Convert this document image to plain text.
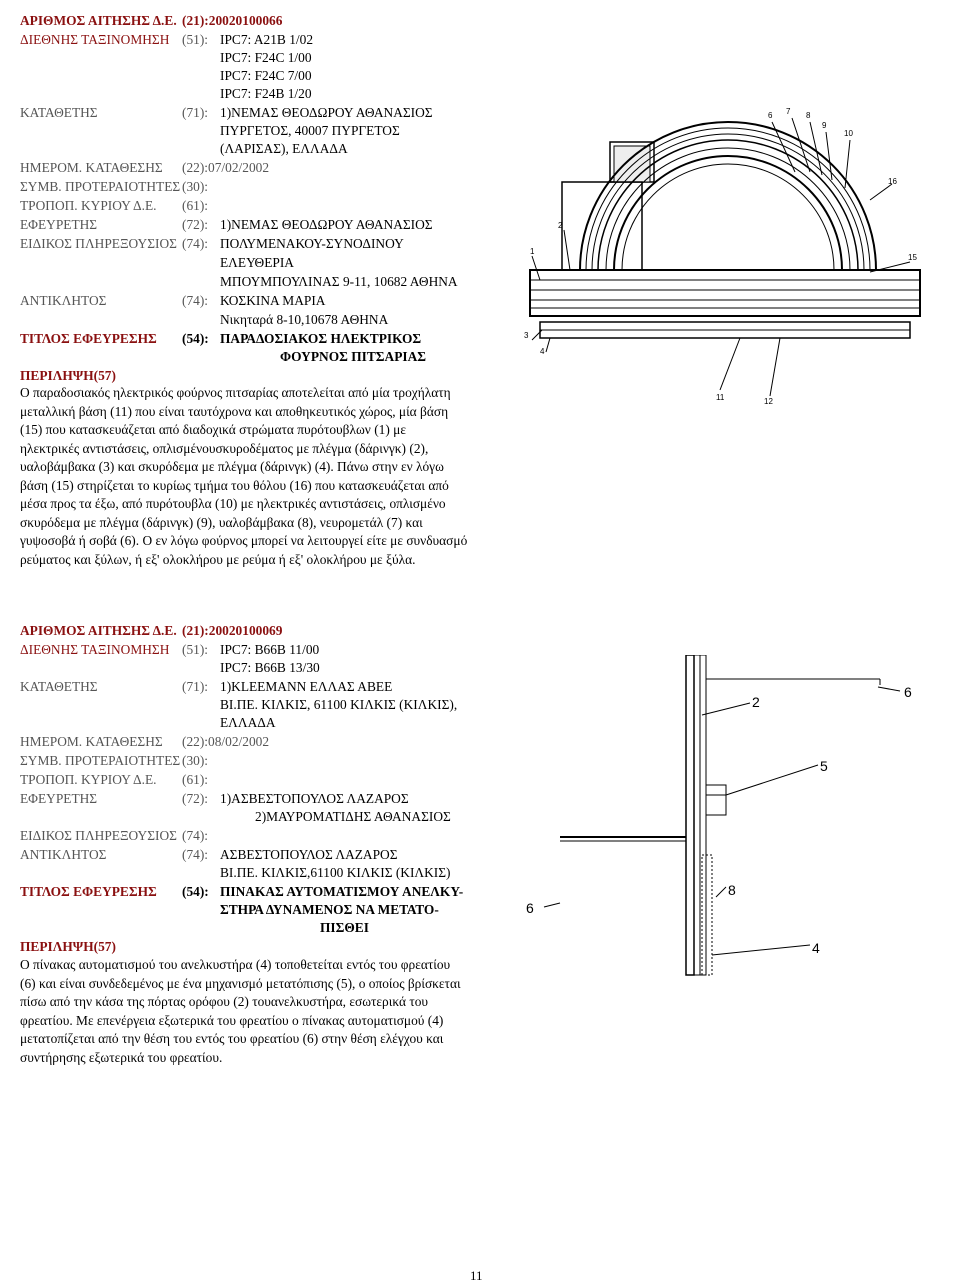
ΑΡΙΘΜΟΣ ΑΙΤΗΣΗΣ Δ.Ε. (21):20020100066
ΔΙΕΘΝΗΣ ΤΑΞΙΝΟΜΗΣΗ (51): IPC7: A21B 1/02
IPC7: F24C 1/00
IPC7: F24C 7/00
IPC7: F24B 1/20
ΚΑΤΑΘΕΤΗΣ	(71): 1)ΝΕΜΑΣ ΘΕΟΔΩΡΟΥ ΑΘΑΝΑΣΙΟΣ
ΠΥΡΓΕΤΟΣ, 40007 ΠΥΡΓΕΤΟΣ
(ΛΑΡΙΣΑΣ), ΕΛΛΑΔΑ
ΗΜΕΡΟΜ. ΚΑΤΑΘΕΣΗΣ (22):07/02/2002
ΣΥΜΒ. ΠΡΟΤΕΡΑΙΟΤΗΤΕΣ (30):
ΤΡΟΠΟΠ. ΚΥΡΙΟΥ Δ.Ε. (61):
ΕΦΕΥΡΕΤΗΣ	(72): 1)ΝΕΜΑΣ ΘΕΟΔΩΡΟΥ ΑΘΑΝΑΣΙΟΣ
ΕΙΔΙΚΟΣ ΠΛΗΡΕΞΟΥΣΙΟΣ (74): ΠΟΛΥΜΕΝΑΚΟΥ-ΣΥΝΟΔΙΝΟΥ
ΕΛΕΥΘΕΡΙΑ
ΜΠΟΥΜΠΟΥΛΙΝΑΣ 9-11, 10682 ΑΘΗΝΑ
ΑΝΤΙΚΛΗΤΟΣ	(74): ΚΟΣΚΙΝΑ ΜΑΡΙΑ
Νικηταρά 8-10,10678 ΑΘΗΝΑ
ΤΙΤΛΟΣ ΕΦΕΥΡΕΣΗΣ (54): ΠΑΡΑΔΟΣΙΑΚΟΣ ΗΛΕΚΤΡΙΚΟΣ
ΦΟΥΡΝΟΣ ΠΙΤΣΑΡΙΑΣ
ΠΕΡΙΛΗΨΗ(57)
Ο παραδοσιακός ηλεκτρικός φούρνος πιτσαρίας αποτελείται από μία τροχήλατη
μεταλλική βάση (11) που είναι ταυτόχρονα και αποθηκευτικός χώρος, μία βάση
(15) που κατασκευάζεται από διαδοχικά στρώματα πυρότουβλων (1) με
ηλεκτρικές αντιστάσεις, οπλισμένουσκυροδέματος με πλέγμα (δάρινγκ) (2),
υαλοβάμβακα (3) και σκυρόδεμα με πλέγμα (δάρινγκ) (4). Πάνω στην εν λόγω
βάση (15) στηρίζεται το κυρίως τμήμα του θόλου (16) που κατασκευάζεται από
μέσα προς τα έξω, από πυρότουβλα (10) με ηλεκτρικές αντιστάσεις, οπλισμένο
σκυρόδεμα με πλέγμα (δάρινγκ) (9), υαλοβάμβακα (8), νευρομετάλ (7) και
γυψοσοβά ή σοβά (6). Ο εν λόγω φούρνος μπορεί να λειτουργεί είτε με συνδυασμό
ρεύματος και ξύλων, ή εξ' ολοκλήρου με ρεύμα ή εξ' ολοκλήρου με ξύλα.
6 7 8
9
10
16
15
1
2
3
4
11	12
ΑΡΙΘΜΟΣ ΑΙΤΗΣΗΣ Δ.Ε. (21):20020100069
ΔΙΕΘΝΗΣ ΤΑΞΙΝΟΜΗΣΗ (51): IPC7: B66B 11/00
IPC7: B66B 13/30
ΚΑΤΑΘΕΤΗΣ	(71): 1)KLEEMANN ΕΛΛΑΣ ΑΒΕΕ
ΒΙ.ΠΕ. ΚΙΛΚΙΣ, 61100 ΚΙΛΚΙΣ (ΚΙΛΚΙΣ),
ΕΛΛΑΔΑ
ΗΜΕΡΟΜ. ΚΑΤΑΘΕΣΗΣ (22):08/02/2002
ΣΥΜΒ. ΠΡΟΤΕΡΑΙΟΤΗΤΕΣ (30):
ΤΡΟΠΟΠ. ΚΥΡΙΟΥ Δ.Ε. (61):
ΕΦΕΥΡΕΤΗΣ	(72): 1)ΑΣΒΕΣΤΟΠΟΥΛΟΣ ΛΑΖΑΡΟΣ
2)ΜΑΥΡΟΜΑΤΙΔΗΣ ΑΘΑΝΑΣΙΟΣ
ΕΙΔΙΚΟΣ ΠΛΗΡΕΞΟΥΣΙΟΣ (74):
ΑΝΤΙΚΛΗΤΟΣ	(74): ΑΣΒΕΣΤΟΠΟΥΛΟΣ ΛΑΖΑΡΟΣ
ΒΙ.ΠΕ. ΚΙΛΚΙΣ,61100 ΚΙΛΚΙΣ (ΚΙΛΚΙΣ)
ΤΙΤΛΟΣ ΕΦΕΥΡΕΣΗΣ (54): ΠΙΝΑΚΑΣ ΑΥΤΟΜΑΤΙΣΜΟΥ ΑΝΕΛΚΥ-
ΣΤΗΡΑ ΔΥΝΑΜΕΝΟΣ ΝΑ ΜΕΤΑΤΟ-
ΠΙΣΘΕΙ
ΠΕΡΙΛΗΨΗ(57)
Ο πίνακας αυτοματισμού του ανελκυστήρα (4) τοποθετείται εντός του φρεατίου
(6) και είναι συνδεδεμένος με ένα μηχανισμό μετατόπισης (5), ο οποίος βρίσκεται
πίσω από την κάσα της πόρτας ορόφου (2) τουανελκυστήρα, εσωτερικά του
φρεατίου. Με επενέργεια εξωτερικά του φρεατίου ο πίνακας αυτοματισμού (4)
μετατοπίζεται από την θέση του εντός του φρεατίου (6) στην θέση ελέγχου και
συντήρησης εξωτερικά του φρεατίου.
2
6
5
8
6
4
11
